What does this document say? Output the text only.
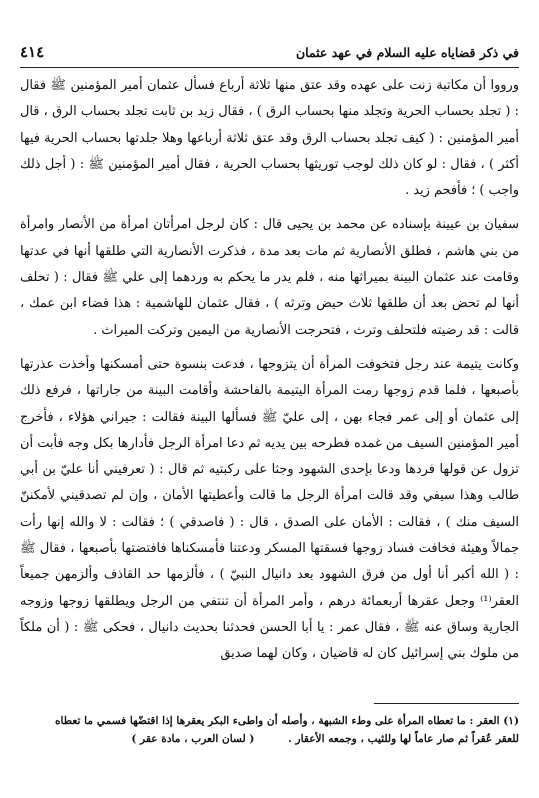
في ذكر قضاياه عليه السلام في عهد عثمان
٤١٤

ورووا أن مكاتبة زنت على عهده وقد عتق منها ثلاثة أرباع فسأل عثمان أمير المؤمنين ﷺ فقال : ( تجلد بحساب الحرية وتجلد منها بحساب الرق ) ، فقال زيد بن ثابت تجلد بحساب الرق ، قال أمير المؤمنين : ( كيف تجلد بحساب الرق وقد عتق ثلاثة أرباعها وهلا جلدتها بحساب الحرية فيها أكثر ) ، فقال : لو كان ذلك لوجب توريثها بحساب الحرية ، فقال أمير المؤمنين ﷺ : ( أجل ذلك واجب ) ؛ فأفحم زيد .

سفيان بن عيينة بإسناده عن محمد بن يحيى قال : كان لرجل امرأتان امرأة من الأنصار وامرأة من بني هاشم ، فطلق الأنصارية ثم مات بعد مدة ، فذكرت الأنصارية التي طلقها أنها في عدتها وقامت عند عثمان البينة بميراثها منه ، فلم يدر ما يحكم به وردهما إلى علي ﷺ فقال : ( تحلف أنها لم تحض بعد أن طلقها ثلاث حيض وترثه ) ، فقال عثمان للهاشمية : هذا قضاء ابن عمك ، قالت : قد رضيته فلتحلف وترث ، فتحرجت الأنصارية من اليمين وتركت الميراث .

وكانت يتيمة عند رجل فتخوفت المرأة أن يتزوجها ، فدعت بنسوة حتى أمسكنها وأخذت عذرتها بأصبعها ، فلما قدم زوجها رمت المرأة اليتيمة بالفاحشة وأقامت البينة من جاراتها ، فرفع ذلك إلى عثمان أو إلى عمر فجاء بهن ، إلى عليّ ﷺ فسألها البينة فقالت : جيراني هؤلاء ، فأخرج أمير المؤمنين السيف من غمده فطرحه بين يديه ثم دعا امرأة الرجل فأدارها بكل وجه فأبت أن تزول عن قولها فردها ودعا بإحدى الشهود وجثا على ركبتيه ثم قال : ( تعرفيني أنا عليّ بن أبي طالب وهذا سيفي وقد قالت امرأة الرجل ما قالت وأعطيتها الأمان ، وإن لم تصدقيني لأمكننّ السيف منك ) ، فقالت : الأمان على الصدق ، قال : ( فاصدقي ) ؛ فقالت : لا والله إنها رأت جمالاً وهيئة فخافت فساد زوجها فسقتها المسكر ودعتنا فأمسكناها فافتضتها بأصبعها ، فقال ﷺ : ( الله أكبر أنا أول من فرق الشهود بعد دانيال النبيّ ) ، فألزمها حد القاذف وألزمهن جميعاً العقر⁽¹⁾ وجعل عقرها أربعمائة درهم ، وأمر المرأة أن تنتفي من الرجل ويطلقها زوجها وزوجه الجارية وساق عنه ﷺ ، فقال عمر : يا أبا الحسن فحدثنا بحديث دانيال ، فحكى ﷺ : ( أن ملكاً من ملوك بني إسرائيل كان له قاضيان ، وكان لهما صديق

(١) العقر : ما تعطاه المرأة على وطء الشبهة ، وأصله أن واطىء البكر يعقرها إذا اقتضّها فسمي ما تعطاه

للعقر عُقراً ثم صار عاماً لها وللثيب ، وجمعه الأعقار . ( لسان العرب ، مادة عقر )
